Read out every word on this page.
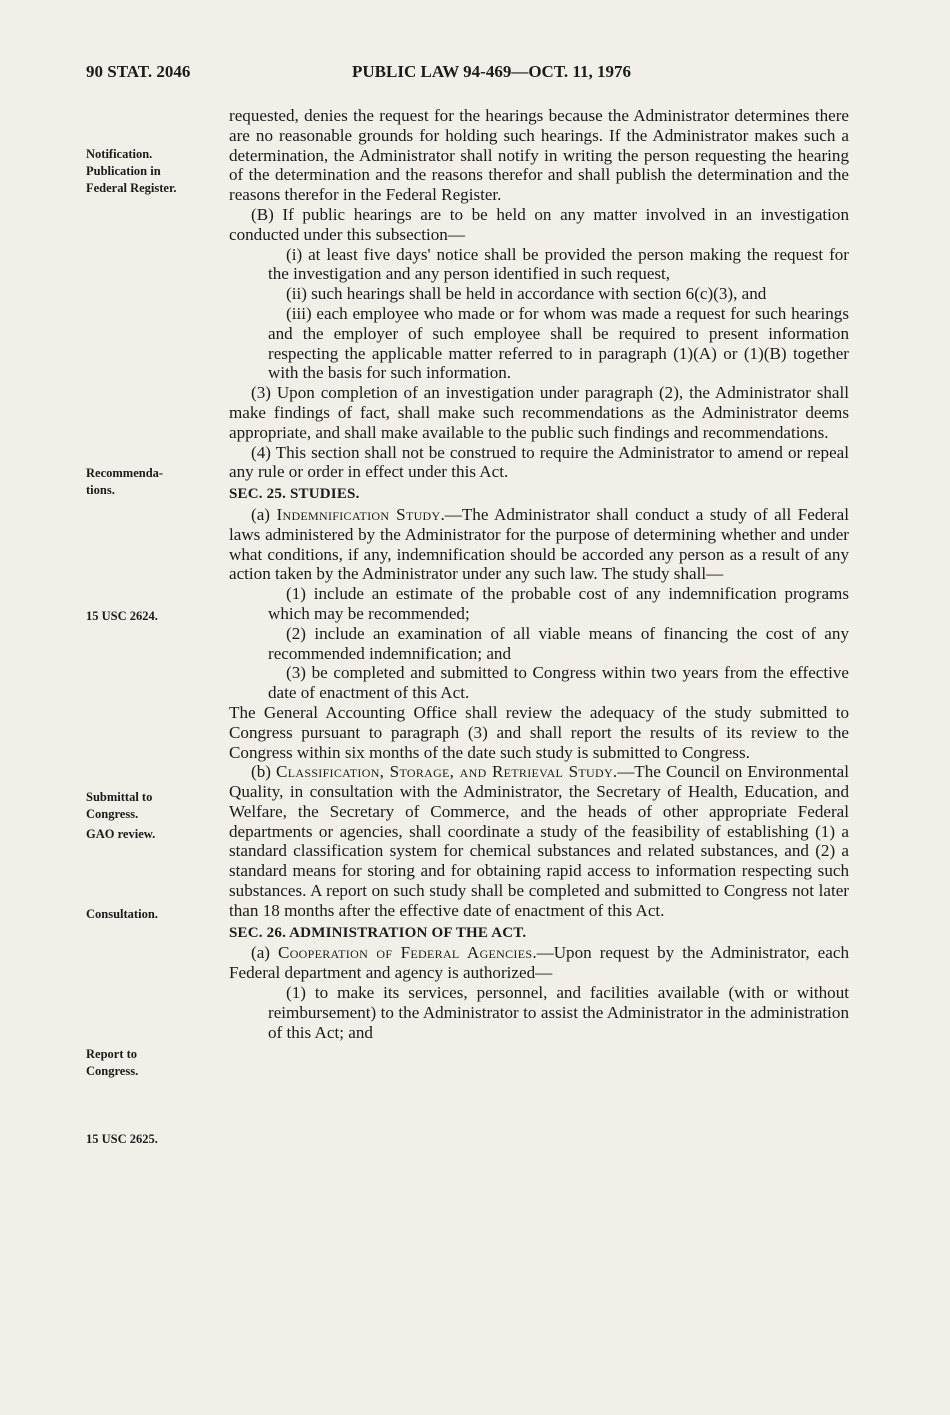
90 STAT. 2046	PUBLIC LAW 94-469—OCT. 11, 1976
Notification.
Publication in
Federal Register.
Recommenda-
tions.
15 USC 2624.
Submittal to
Congress.
GAO review.
Consultation.
Report to
Congress.
15 USC 2625.
requested, denies the request for the hearings because the Administrator determines there are no reasonable grounds for holding such hearings. If the Administrator makes such a determination, the Administrator shall notify in writing the person requesting the hearing of the determination and the reasons therefor and shall publish the determination and the reasons therefor in the Federal Register.
(B) If public hearings are to be held on any matter involved in an investigation conducted under this subsection—
(i) at least five days' notice shall be provided the person making the request for the investigation and any person identified in such request,
(ii) such hearings shall be held in accordance with section 6(c)(3), and
(iii) each employee who made or for whom was made a request for such hearings and the employer of such employee shall be required to present information respecting the applicable matter referred to in paragraph (1)(A) or (1)(B) together with the basis for such information.
(3) Upon completion of an investigation under paragraph (2), the Administrator shall make findings of fact, shall make such recommendations as the Administrator deems appropriate, and shall make available to the public such findings and recommendations.
(4) This section shall not be construed to require the Administrator to amend or repeal any rule or order in effect under this Act.
SEC. 25. STUDIES.
(a) Indemnification Study.—The Administrator shall conduct a study of all Federal laws administered by the Administrator for the purpose of determining whether and under what conditions, if any, indemnification should be accorded any person as a result of any action taken by the Administrator under any such law. The study shall—
(1) include an estimate of the probable cost of any indemnification programs which may be recommended;
(2) include an examination of all viable means of financing the cost of any recommended indemnification; and
(3) be completed and submitted to Congress within two years from the effective date of enactment of this Act.
The General Accounting Office shall review the adequacy of the study submitted to Congress pursuant to paragraph (3) and shall report the results of its review to the Congress within six months of the date such study is submitted to Congress.
(b) Classification, Storage, and Retrieval Study.—The Council on Environmental Quality, in consultation with the Administrator, the Secretary of Health, Education, and Welfare, the Secretary of Commerce, and the heads of other appropriate Federal departments or agencies, shall coordinate a study of the feasibility of establishing (1) a standard classification system for chemical substances and related substances, and (2) a standard means for storing and for obtaining rapid access to information respecting such substances. A report on such study shall be completed and submitted to Congress not later than 18 months after the effective date of enactment of this Act.
SEC. 26. ADMINISTRATION OF THE ACT.
(a) Cooperation of Federal Agencies.—Upon request by the Administrator, each Federal department and agency is authorized—
(1) to make its services, personnel, and facilities available (with or without reimbursement) to the Administrator to assist the Administrator in the administration of this Act; and
